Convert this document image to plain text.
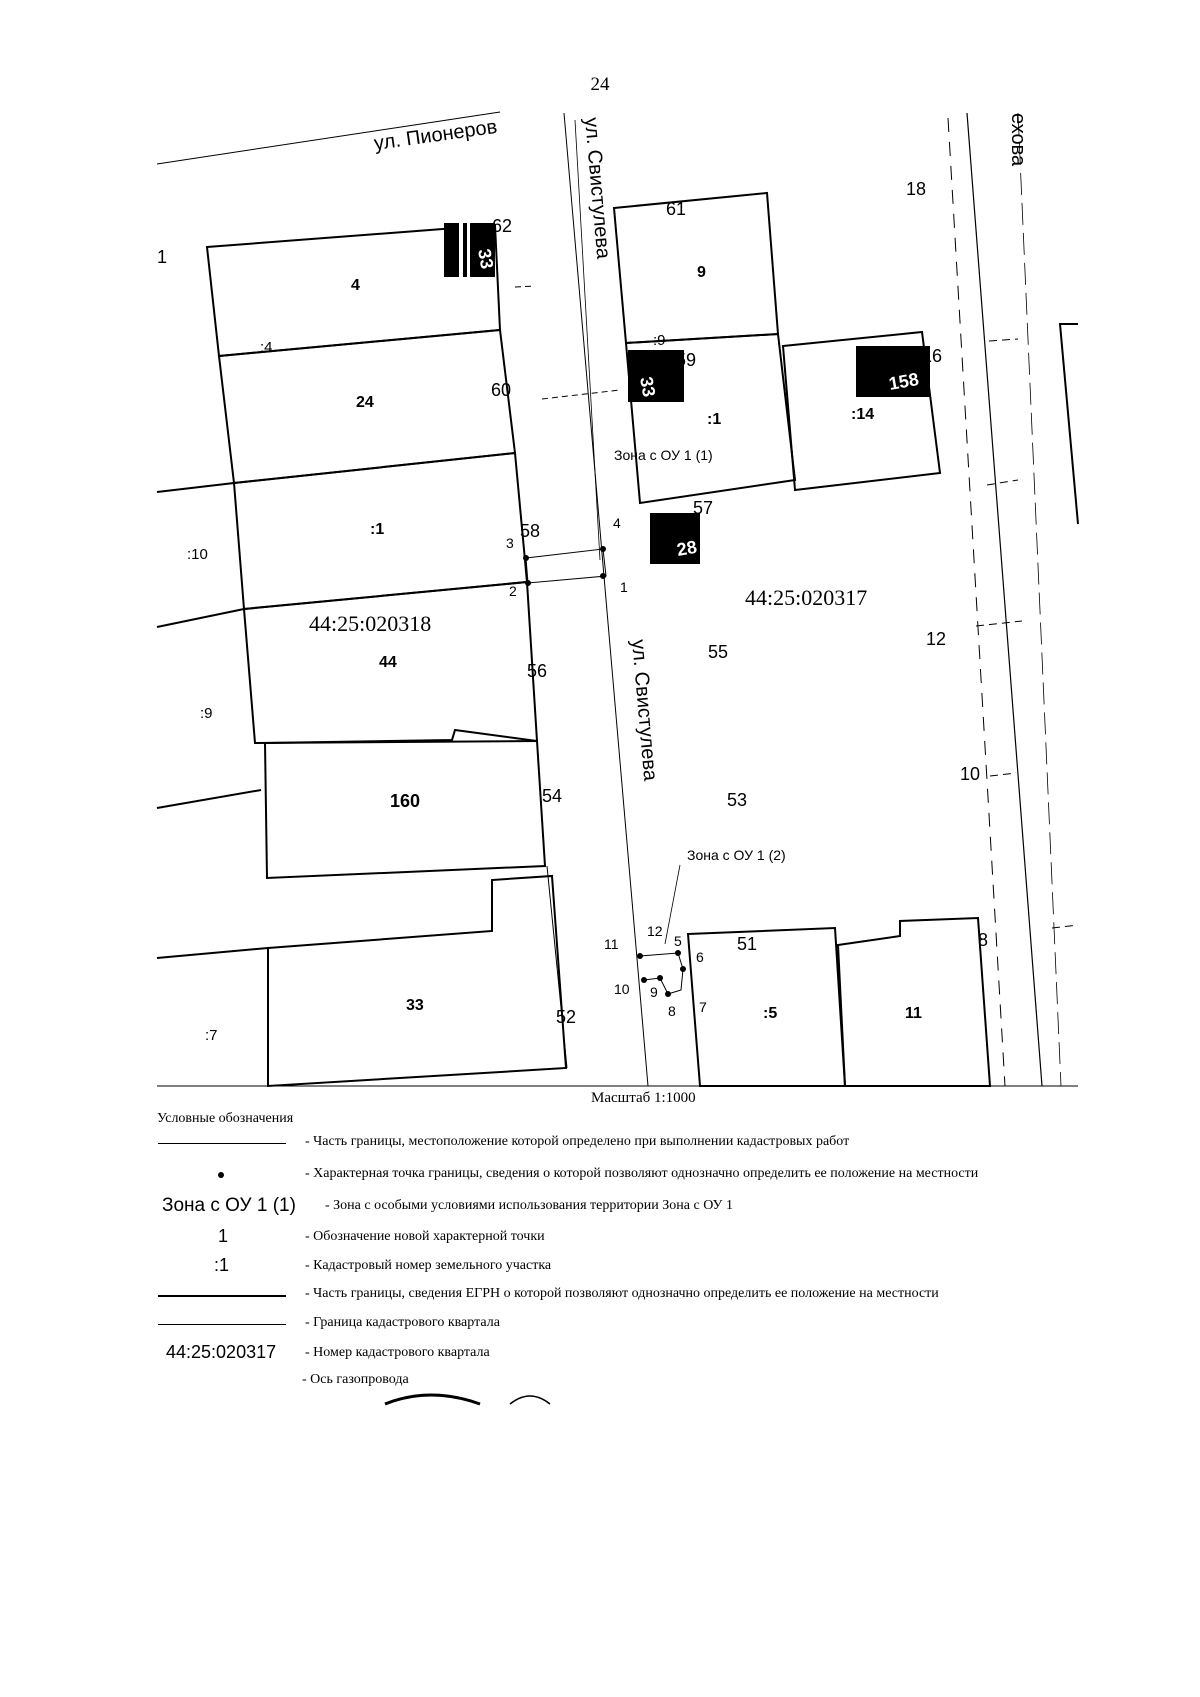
24
ул. Пионеров	ул. Свистулева
ул. Свистулева
ехова
44:25:020318
44:25:020317
4
24
:1
44
160
33
:10
:9
:7
1
:4
9
:1	:14
:5	11
:9
33
33	158
28
62
60
58
56
54
52
61
59
57
55
53
51
18
16
12
10
8
Зона с ОУ 1 (1)
Зона с ОУ 1 (2)
1
2
3
4
5
6
7
8
9
10
11
12
Масштаб 1:1000
Условные обозначения
- Часть границы, местоположение которой определено при выполнении кадастровых работ
- Характерная точка границы, сведения о которой позволяют однозначно определить ее положение на местности
Зона с ОУ 1 (1) - Зона с особыми условиями использования территории Зона с ОУ 1
1	- Обозначение новой характерной точки
:1	- Кадастровый номер земельного участка
- Часть границы, сведения ЕГРН о которой позволяют однозначно определить ее положение на местности
- Граница кадастрового квартала
44:25:020317 - Номер кадастрового квартала
- Ось газопровода
